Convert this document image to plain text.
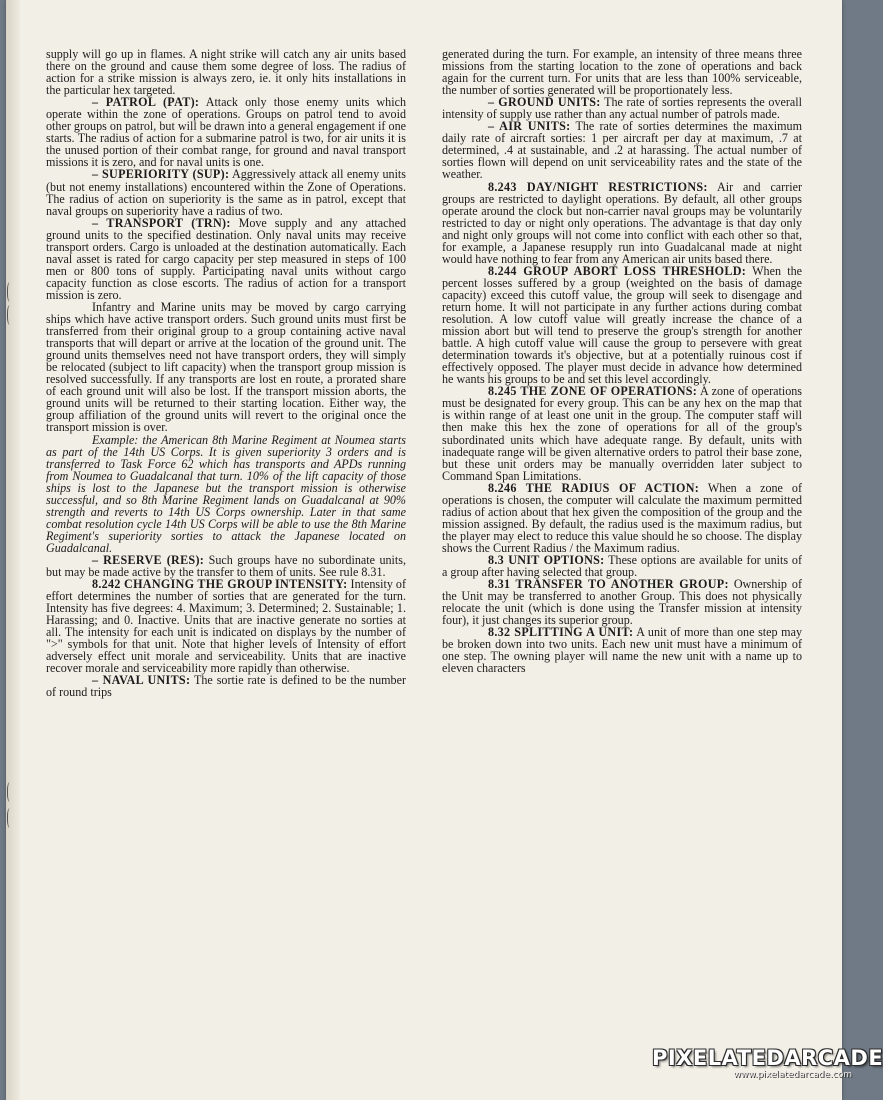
supply will go up in flames. A night strike will catch any air units based there on the ground and cause them some degree of loss. The radius of action for a strike mission is always zero, ie. it only hits installations in the particular hex targeted.

– PATROL (PAT): Attack only those enemy units which operate within the zone of operations. Groups on patrol tend to avoid other groups on patrol, but will be drawn into a general engagement if one starts. The radius of action for a submarine patrol is two, for air units it is the unused portion of their combat range, for ground and naval transport missions it is zero, and for naval units is one.

– SUPERIORITY (SUP): Aggressively attack all enemy units (but not enemy installations) encountered within the Zone of Operations. The radius of action on superiority is the same as in patrol, except that naval groups on superiority have a radius of two.

– TRANSPORT (TRN): Move supply and any attached ground units to the specified destination. Only naval units may receive transport orders. Cargo is unloaded at the destination automatically. Each naval asset is rated for cargo capacity per step measured in steps of 100 men or 800 tons of supply. Participating naval units without cargo capacity function as close escorts. The radius of action for a transport mission is zero.

Infantry and Marine units may be moved by cargo carrying ships which have active transport orders. Such ground units must first be transferred from their original group to a group containing active naval transports that will depart or arrive at the location of the ground unit. The ground units themselves need not have transport orders, they will simply be relocated (subject to lift capacity) when the transport group mission is resolved successfully. If any transports are lost en route, a prorated share of each ground unit will also be lost. If the transport mission aborts, the ground units will be returned to their starting location. Either way, the group affiliation of the ground units will revert to the original once the transport mission is over.

Example: the American 8th Marine Regiment at Noumea starts as part of the 14th US Corps. It is given superiority 3 orders and is transferred to Task Force 62 which has transports and APDs running from Noumea to Guadalcanal that turn. 10% of the lift capacity of those ships is lost to the Japanese but the transport mission is otherwise successful, and so 8th Marine Regiment lands on Guadalcanal at 90% strength and reverts to 14th US Corps ownership. Later in that same combat resolution cycle 14th US Corps will be able to use the 8th Marine Regiment's superiority sorties to attack the Japanese located on Guadalcanal.

– RESERVE (RES): Such groups have no subordinate units, but may be made active by the transfer to them of units. See rule 8.31.

8.242 CHANGING THE GROUP INTENSITY: Intensity of effort determines the number of sorties that are generated for the turn. Intensity has five degrees: 4. Maximum; 3. Determined; 2. Sustainable; 1. Harassing; and 0. Inactive. Units that are inactive generate no sorties at all. The intensity for each unit is indicated on displays by the number of ">" symbols for that unit. Note that higher levels of Intensity of effort adversely effect unit morale and serviceability. Units that are inactive recover morale and serviceability more rapidly than otherwise.

– NAVAL UNITS: The sortie rate is defined to be the number of round trips

generated during the turn. For example, an intensity of three means three missions from the starting location to the zone of operations and back again for the current turn. For units that are less than 100% serviceable, the number of sorties generated will be proportionately less.

– GROUND UNITS: The rate of sorties represents the overall intensity of supply use rather than any actual number of patrols made.

– AIR UNITS: The rate of sorties determines the maximum daily rate of aircraft sorties: 1 per aircraft per day at maximum, .7 at determined, .4 at sustainable, and .2 at harassing. The actual number of sorties flown will depend on unit serviceability rates and the state of the weather.

8.243 DAY/NIGHT RESTRICTIONS: Air and carrier groups are restricted to daylight operations. By default, all other groups operate around the clock but non-carrier naval groups may be voluntarily restricted to day or night only operations. The advantage is that day only and night only groups will not come into conflict with each other so that, for example, a Japanese resupply run into Guadalcanal made at night would have nothing to fear from any American air units based there.

8.244 GROUP ABORT LOSS THRESHOLD: When the percent losses suffered by a group (weighted on the basis of damage capacity) exceed this cutoff value, the group will seek to disengage and return home. It will not participate in any further actions during combat resolution. A low cutoff value will greatly increase the chance of a mission abort but will tend to preserve the group's strength for another battle. A high cutoff value will cause the group to persevere with great determination towards it's objective, but at a potentially ruinous cost if effectively opposed. The player must decide in advance how determined he wants his groups to be and set this level accordingly.

8.245 THE ZONE OF OPERATIONS: A zone of operations must be designated for every group. This can be any hex on the map that is within range of at least one unit in the group. The computer staff will then make this hex the zone of operations for all of the group's subordinated units which have adequate range. By default, units with inadequate range will be given alternative orders to patrol their base zone, but these unit orders may be manually overridden later subject to Command Span Limitations.

8.246 THE RADIUS OF ACTION: When a zone of operations is chosen, the computer will calculate the maximum permitted radius of action about that hex given the composition of the group and the mission assigned. By default, the radius used is the maximum radius, but the player may elect to reduce this value should he so choose. The display shows the Current Radius / the Maximum radius.

8.3 UNIT OPTIONS: These options are available for units of a group after having selected that group.

8.31 TRANSFER TO ANOTHER GROUP: Ownership of the Unit may be transferred to another Group. This does not physically relocate the unit (which is done using the Transfer mission at intensity four), it just changes its superior group.

8.32 SPLITTING A UNIT: A unit of more than one step may be broken down into two units. Each new unit must have a minimum of one step. The owning player will name the new unit with a name up to eleven characters

PIXELATEDARCADE
www.pixelatedarcade.com
